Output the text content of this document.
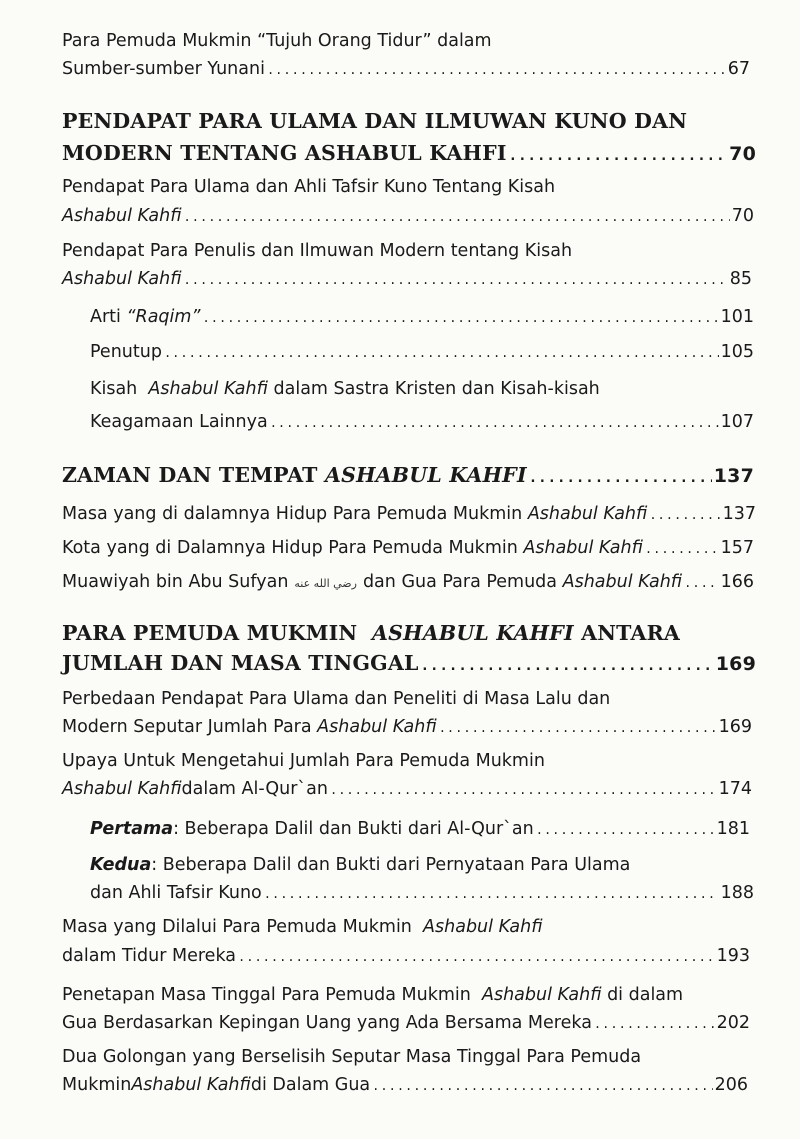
Para Pemuda Mukmin “Tujuh Orang Tidur” dalam
Sumber-sumber Yunani .....	67
PENDAPAT PARA ULAMA DAN ILMUWAN KUNO DAN
MODERN TENTANG ASHABUL KAHFI .....	70
Pendapat Para Ulama dan Ahli Tafsir Kuno Tentang Kisah
Ashabul Kahfi .....	70
Pendapat Para Penulis dan Ilmuwan Modern tentang Kisah
Ashabul Kahfi .....	85
Arti
“Raqim” .....	101
Penutup .....	105
Kisah  Ashabul Kahfi dalam Sastra Kristen dan Kisah-kisah
Keagamaan Lainnya .....	107
ZAMAN DAN TEMPAT
ASHABUL KAHFI .....	137
Masa yang di dalamnya Hidup Para Pemuda Mukmin
Ashabul Kahfi .....	137
Kota yang di Dalamnya Hidup Para Pemuda Mukmin
Ashabul Kahfi .....	157
Muawiyah bin Abu Sufyan رضي الله عنه dan Gua Para Pemuda
Ashabul Kahfi ..... 166
PARA PEMUDA MUKMIN  ASHABUL KAHFI ANTARA
JUMLAH DAN MASA TINGGAL .....	169
Perbedaan Pendapat Para Ulama dan Peneliti di Masa Lalu dan
Modern Seputar Jumlah Para
Ashabul Kahfi .....	169
Upaya Untuk Mengetahui Jumlah Para Pemuda Mukmin
Ashabul Kahfi dalam Al-Qur`an .....	174
Pertama : Beberapa Dalil dan Bukti dari Al-Qur`an .....	181
Kedua: Beberapa Dalil dan Bukti dari Pernyataan Para Ulama
dan Ahli Tafsir Kuno .....	188
Masa yang Dilalui Para Pemuda Mukmin  Ashabul Kahfi
dalam Tidur Mereka .....	193
Penetapan Masa Tinggal Para Pemuda Mukmin  Ashabul Kahfi di dalam
Gua Berdasarkan Kepingan Uang yang Ada Bersama Mereka .....	202
Dua Golongan yang Berselisih Seputar Masa Tinggal Para Pemuda
Mukmin Ashabul Kahfi di Dalam Gua .....	206
